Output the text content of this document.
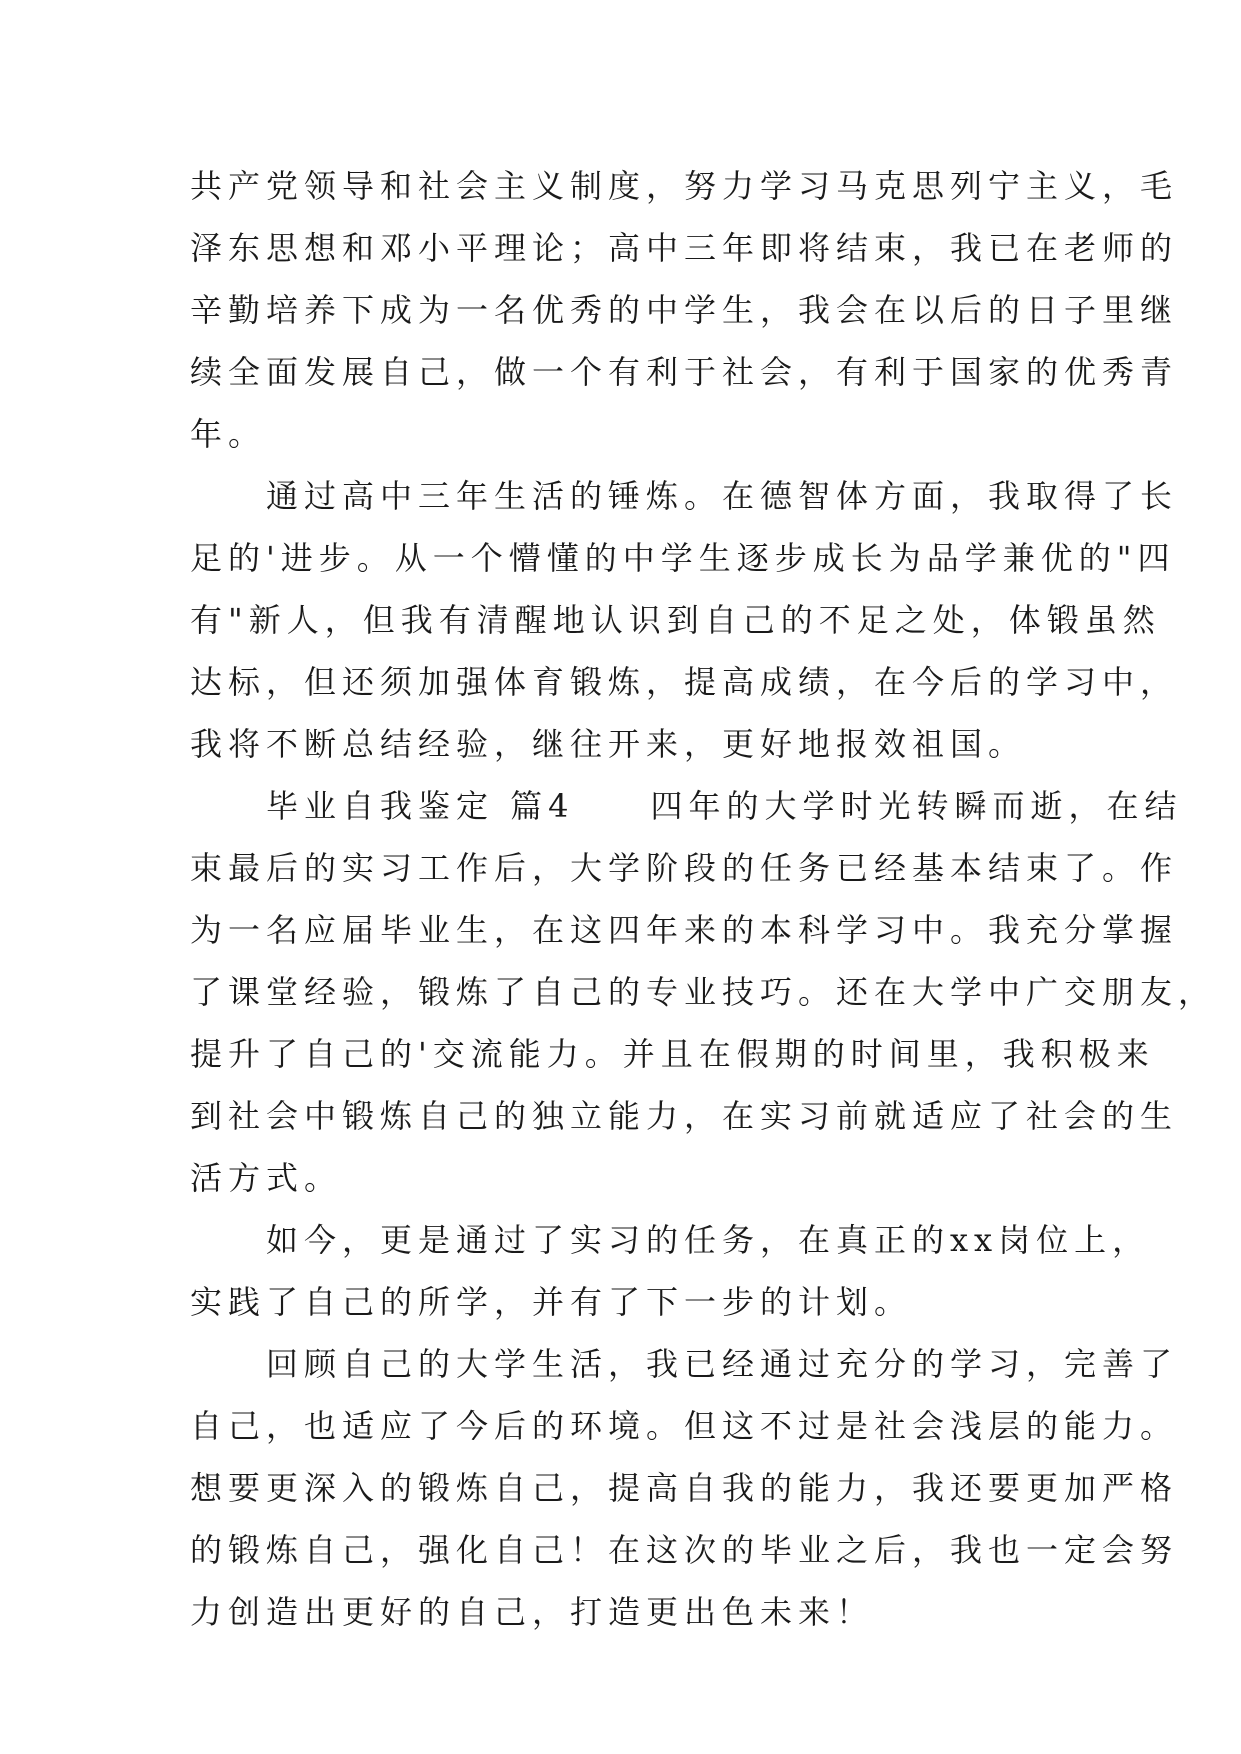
共产党领导和社会主义制度，努力学习马克思列宁主义，毛
泽东思想和邓小平理论；高中三年即将结束，我已在老师的
辛勤培养下成为一名优秀的中学生，我会在以后的日子里继
续全面发展自己，做一个有利于社会，有利于国家的优秀青
年。
　　通过高中三年生活的锤炼。在德智体方面，我取得了长
足的'进步。从一个懵懂的中学生逐步成长为品学兼优的"四
有"新人，但我有清醒地认识到自己的不足之处，体锻虽然
达标，但还须加强体育锻炼，提高成绩，在今后的学习中，
我将不断总结经验，继往开来，更好地报效祖国。
　　毕业自我鉴定 篇4　　四年的大学时光转瞬而逝，在结
束最后的实习工作后，大学阶段的任务已经基本结束了。作
为一名应届毕业生，在这四年来的本科学习中。我充分掌握
了课堂经验，锻炼了自己的专业技巧。还在大学中广交朋友，
提升了自己的'交流能力。并且在假期的时间里，我积极来
到社会中锻炼自己的独立能力，在实习前就适应了社会的生
活方式。
　　如今，更是通过了实习的任务，在真正的xx岗位上，
实践了自己的所学，并有了下一步的计划。
　　回顾自己的大学生活，我已经通过充分的学习，完善了
自己，也适应了今后的环境。但这不过是社会浅层的能力。
想要更深入的锻炼自己，提高自我的能力，我还要更加严格
的锻炼自己，强化自己！在这次的毕业之后，我也一定会努
力创造出更好的自己，打造更出色未来！
